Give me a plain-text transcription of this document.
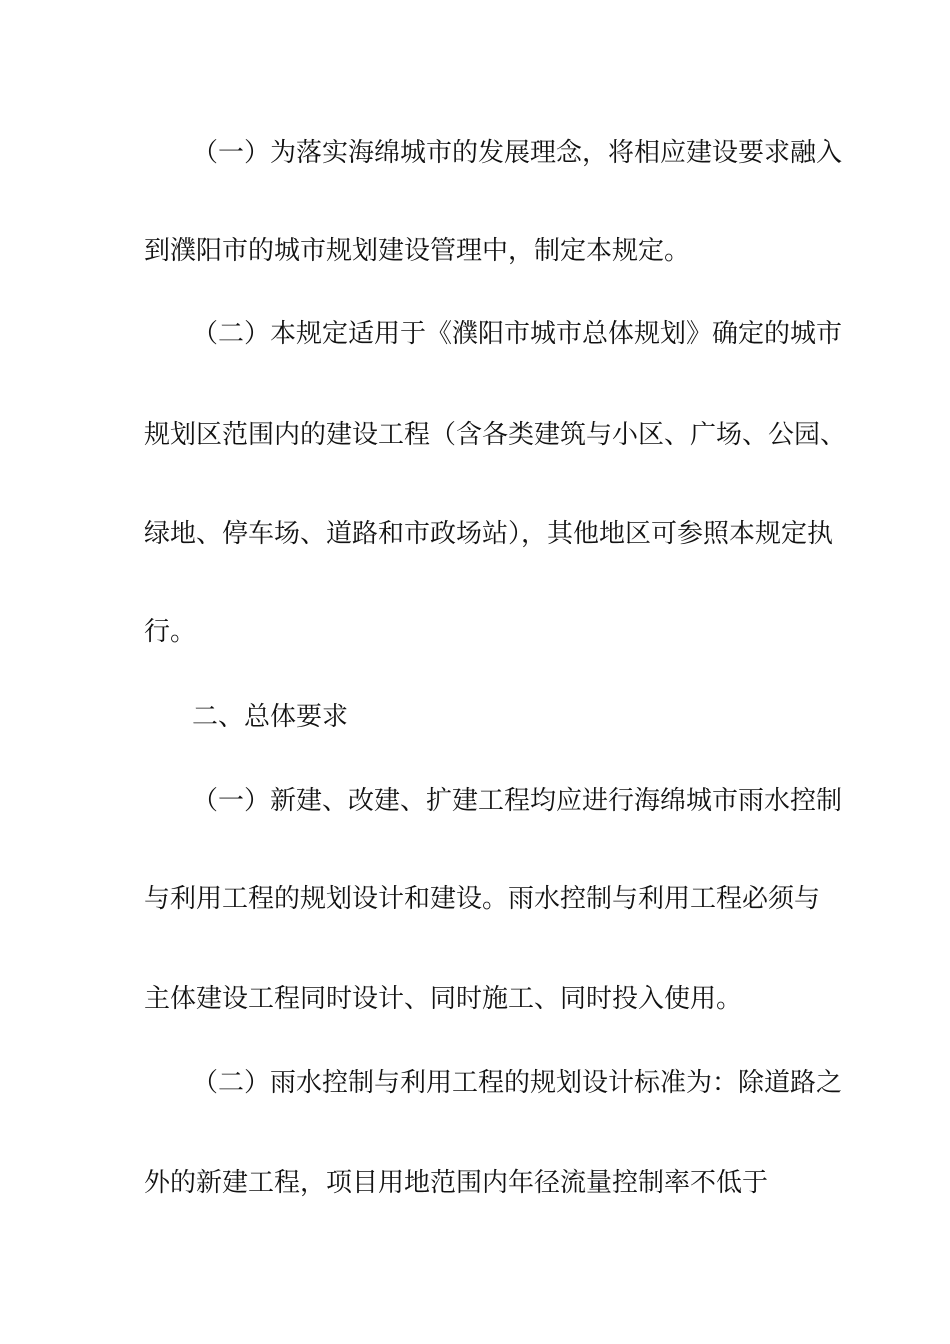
（一）为落实海绵城市的发展理念，将相应建设要求融入
到濮阳市的城市规划建设管理中，制定本规定。
（二）本规定适用于《濮阳市城市总体规划》确定的城市
规划区范围内的建设工程（含各类建筑与小区、广场、公园、
绿地、停车场、道路和市政场站），其他地区可参照本规定执
行。
二、总体要求
（一）新建、改建、扩建工程均应进行海绵城市雨水控制
与利用工程的规划设计和建设。雨水控制与利用工程必须与
主体建设工程同时设计、同时施工、同时投入使用。
（二）雨水控制与利用工程的规划设计标准为：除道路之
外的新建工程，项目用地范围内年径流量控制率不低于
